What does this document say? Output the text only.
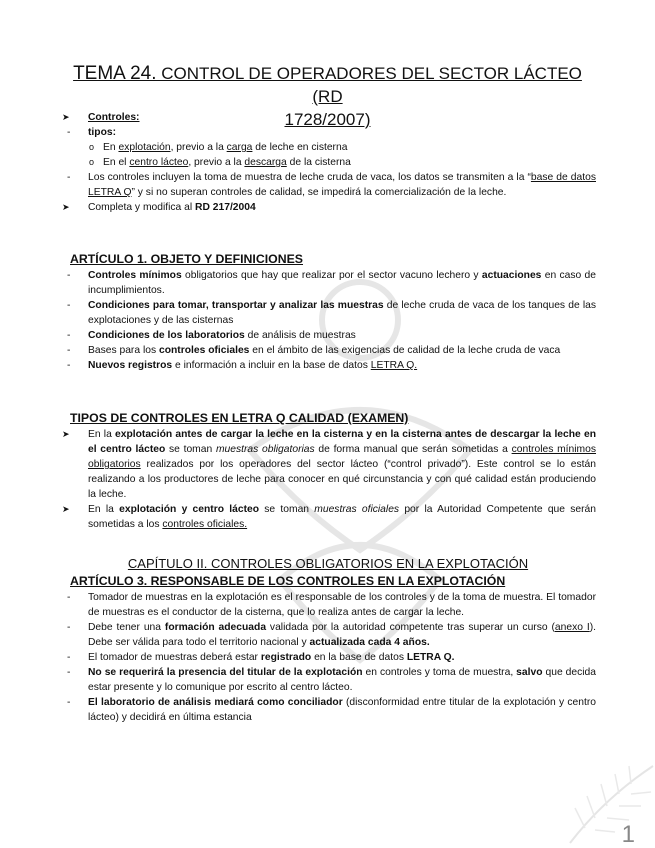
TEMA 24. CONTROL DE OPERADORES DEL SECTOR LÁCTEO (RD
1728/2007)
➤ Controles:
- tipos:
o En explotación, previo a la carga de leche en cisterna
o En el centro lácteo, previo a la descarga de la cisterna
- Los controles incluyen la toma de muestra de leche cruda de vaca, los datos se transmiten a la “base de datos LETRA Q” y si no superan controles de calidad, se impedirá la comercialización de la leche.
➤ Completa y modifica al RD 217/2004
ARTÍCULO 1. OBJETO Y DEFINICIONES
- Controles mínimos obligatorios que hay que realizar por el sector vacuno lechero y actuaciones en caso de incumplimientos.
- Condiciones para tomar, transportar y analizar las muestras de leche cruda de vaca de los tanques de las explotaciones y de las cisternas
- Condiciones de los laboratorios de análisis de muestras
- Bases para los controles oficiales en el ámbito de las exigencias de calidad de la leche cruda de vaca
- Nuevos registros e información a incluir en la base de datos LETRA Q.
TIPOS DE CONTROLES EN LETRA Q CALIDAD (EXAMEN)
➤ En la explotación antes de cargar la leche en la cisterna y en la cisterna antes de descargar la leche en el centro lácteo se toman muestras obligatorias de forma manual que serán sometidas a controles mínimos obligatorios realizados por los operadores del sector lácteo (“control privado”). Este control se lo están realizando a los productores de leche para conocer en qué circunstancia y con qué calidad están produciendo la leche.
➤ En la explotación y centro lácteo se toman muestras oficiales por la Autoridad Competente que serán sometidas a los controles oficiales.
CAPÍTULO II. CONTROLES OBLIGATORIOS EN LA EXPLOTACIÓN
ARTÍCULO 3. RESPONSABLE DE LOS CONTROLES EN LA EXPLOTACIÓN
- Tomador de muestras en la explotación es el responsable de los controles y de la toma de muestra. El tomador de muestras es el conductor de la cisterna, que lo realiza antes de cargar la leche.
- Debe tener una formación adecuada validada por la autoridad competente tras superar un curso (anexo I). Debe ser válida para todo el territorio nacional y actualizada cada 4 años.
- El tomador de muestras deberá estar registrado en la base de datos LETRA Q.
- No se requerirá la presencia del titular de la explotación en controles y toma de muestra, salvo que decida estar presente y lo comunique por escrito al centro lácteo.
- El laboratorio de análisis mediará como conciliador (disconformidad entre titular de la explotación y centro lácteo) y decidirá en última estancia
1
